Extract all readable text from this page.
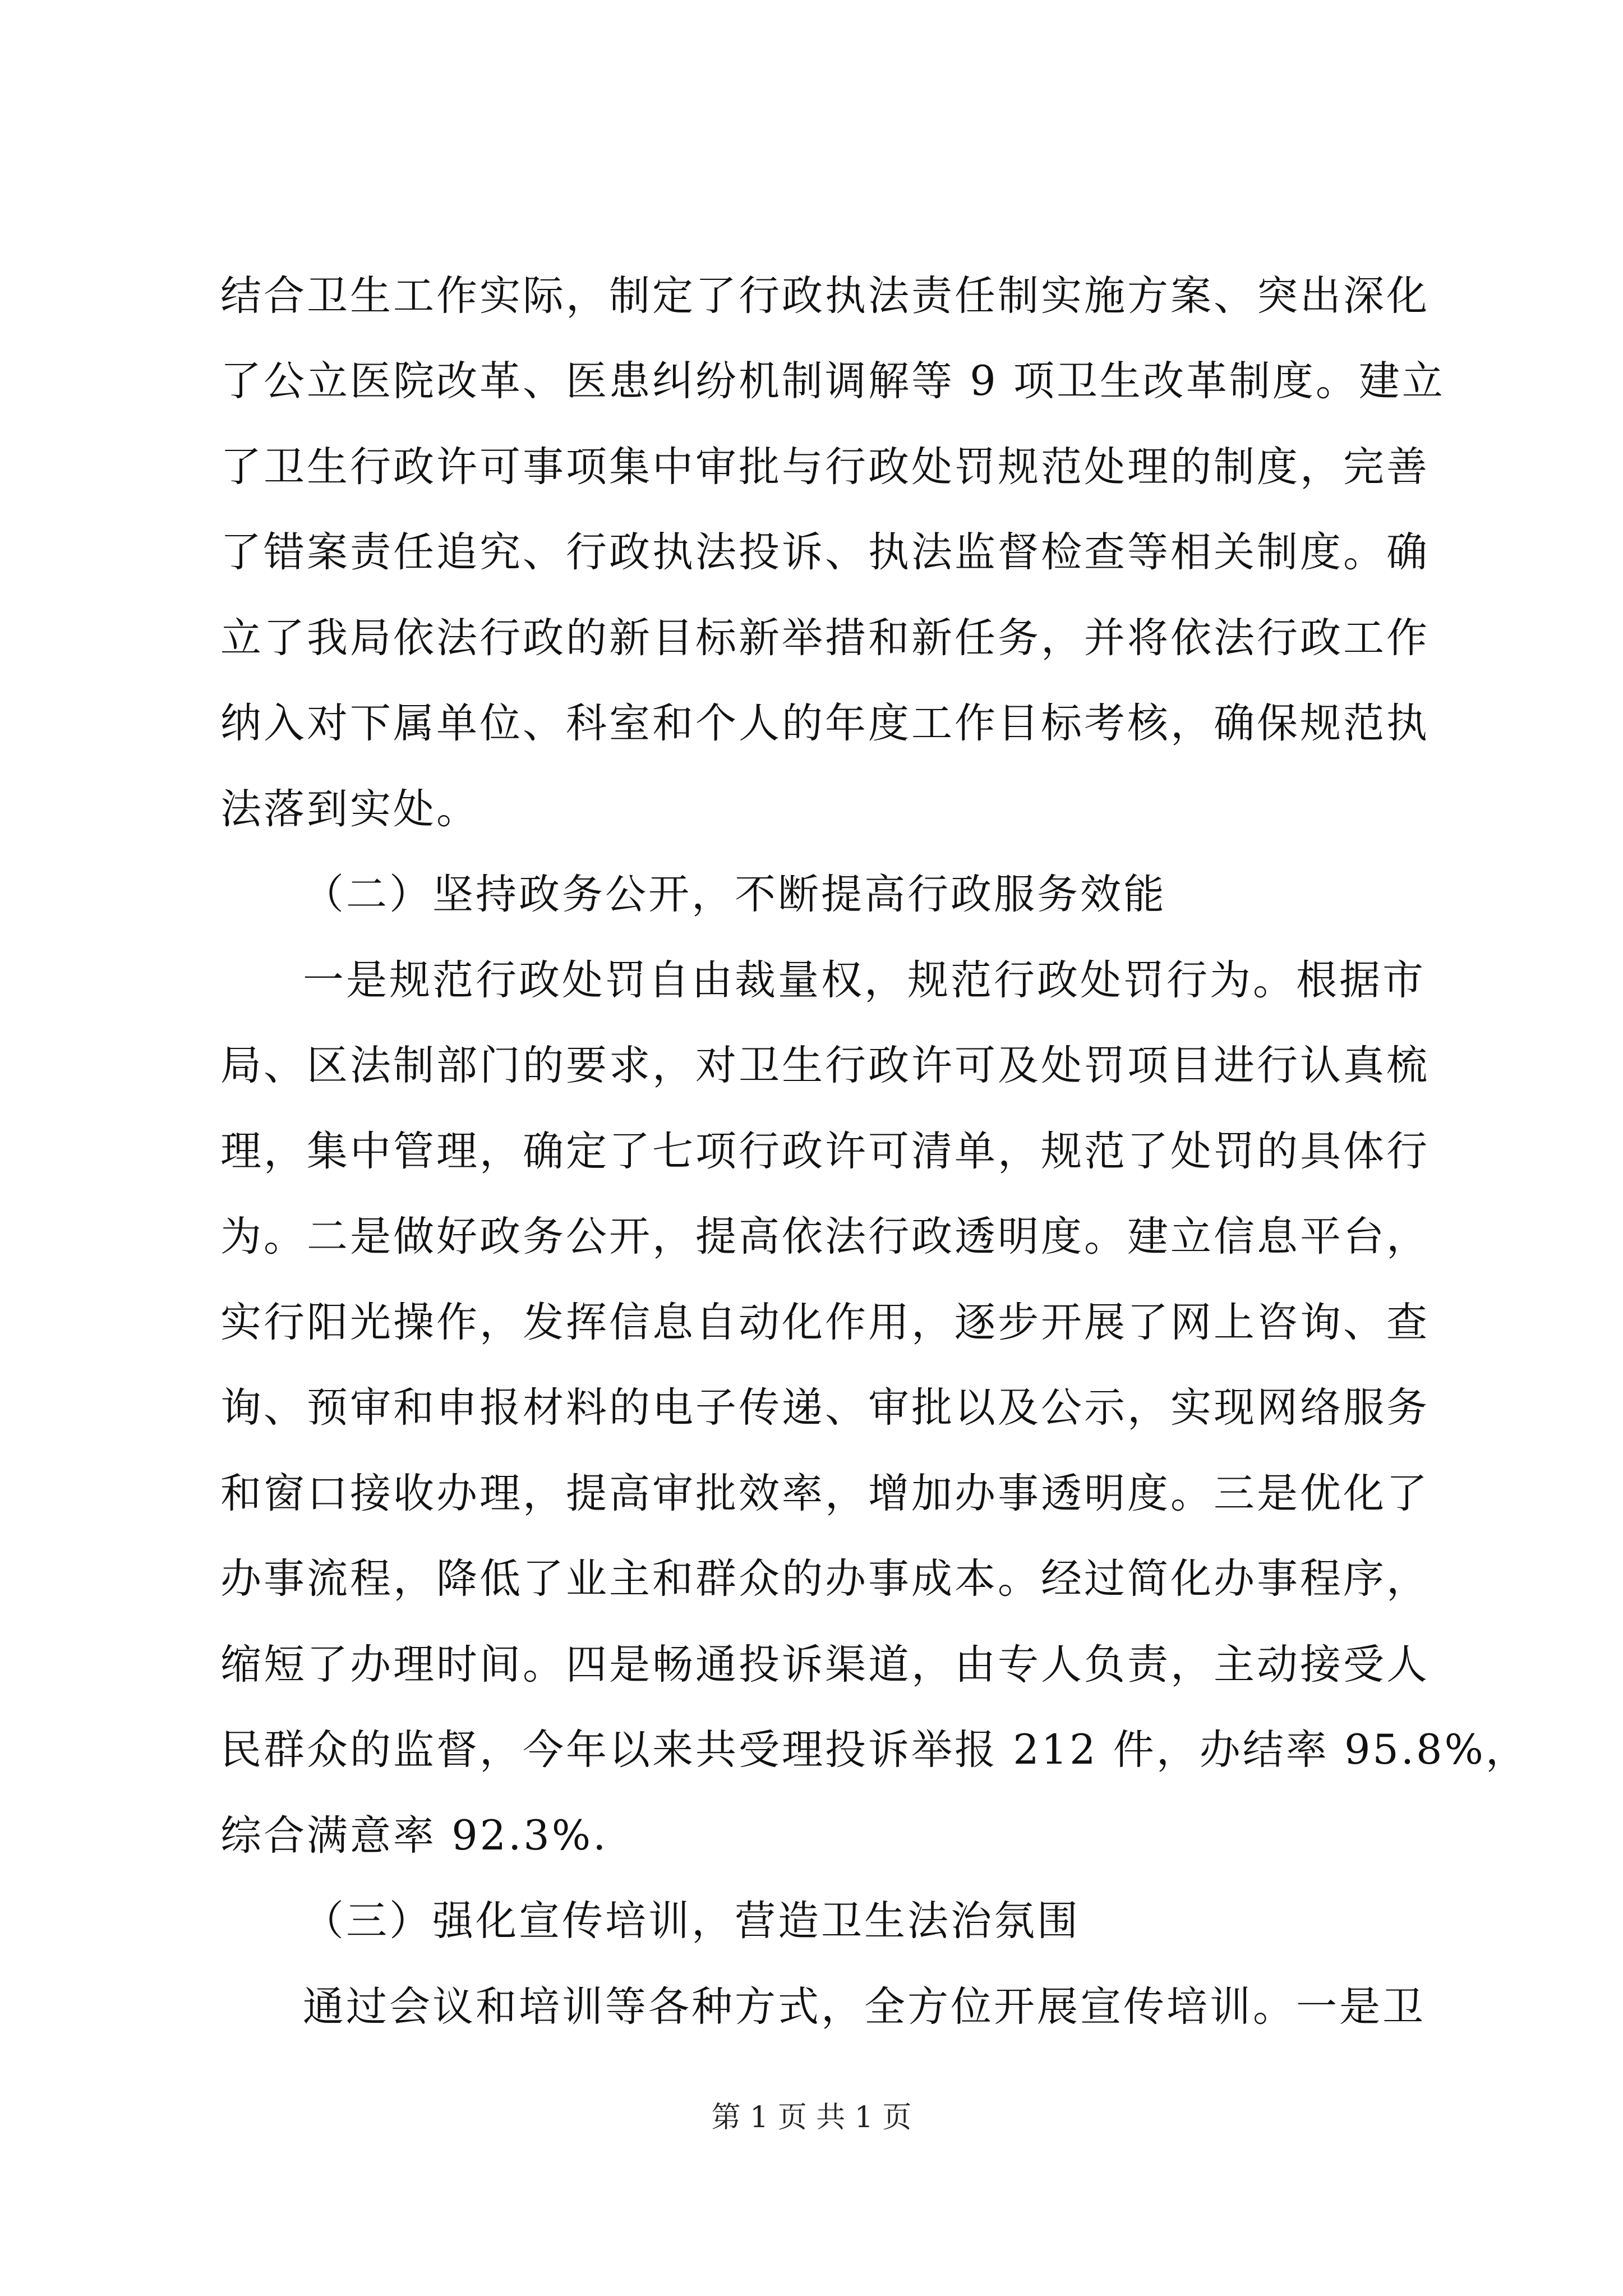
结合卫生工作实际，制定了行政执法责任制实施方案、突出深化
了公立医院改革、医患纠纷机制调解等 9 项卫生改革制度。建立
了卫生行政许可事项集中审批与行政处罚规范处理的制度，完善
了错案责任追究、行政执法投诉、执法监督检查等相关制度。确
立了我局依法行政的新目标新举措和新任务，并将依法行政工作
纳入对下属单位、科室和个人的年度工作目标考核，确保规范执
法落到实处。
（二）坚持政务公开，不断提高行政服务效能
一是规范行政处罚自由裁量权，规范行政处罚行为。根据市
局、区法制部门的要求，对卫生行政许可及处罚项目进行认真梳
理，集中管理，确定了七项行政许可清单，规范了处罚的具体行
为。二是做好政务公开，提高依法行政透明度。建立信息平台，
实行阳光操作，发挥信息自动化作用，逐步开展了网上咨询、查
询、预审和申报材料的电子传递、审批以及公示，实现网络服务
和窗口接收办理，提高审批效率，增加办事透明度。三是优化了
办事流程，降低了业主和群众的办事成本。经过简化办事程序，
缩短了办理时间。四是畅通投诉渠道，由专人负责，主动接受人
民群众的监督，今年以来共受理投诉举报 212 件，办结率 95.8%，
综合满意率 92.3%.
（三）强化宣传培训，营造卫生法治氛围
通过会议和培训等各种方式，全方位开展宣传培训。一是卫
第 1 页 共 1 页
